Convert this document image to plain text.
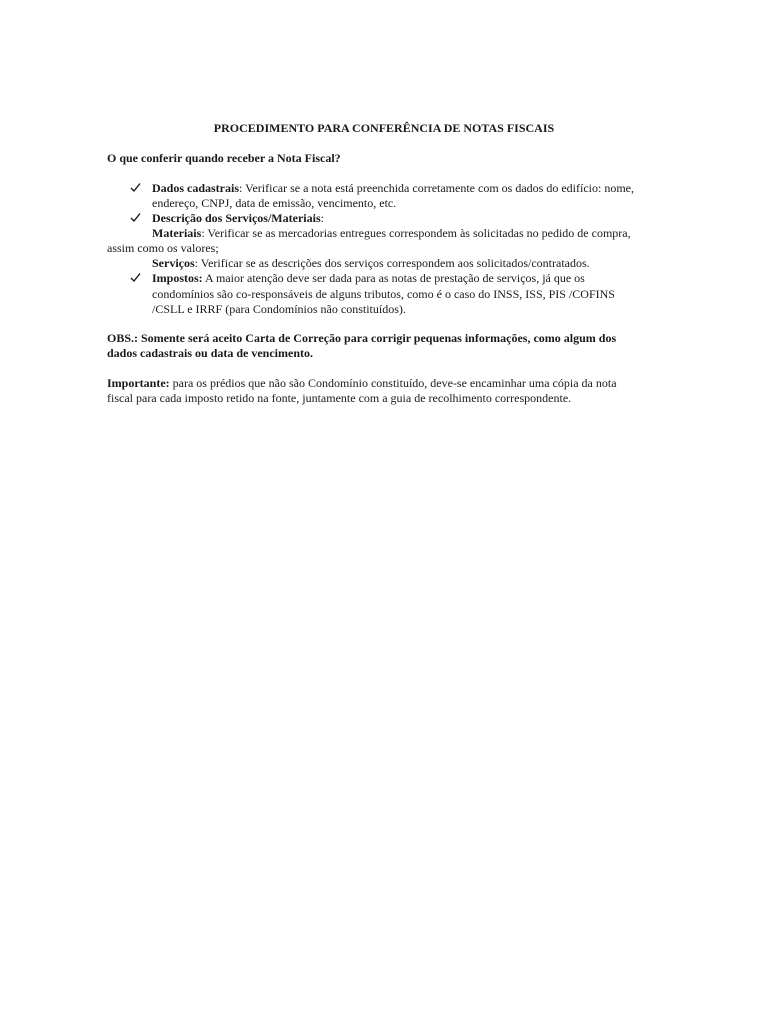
PROCEDIMENTO PARA CONFERÊNCIA DE NOTAS FISCAIS
O que conferir quando receber a Nota Fiscal?
Dados cadastrais: Verificar se a nota está preenchida corretamente com os dados do edifício: nome,
endereço, CNPJ, data de emissão, vencimento, etc.
Descrição dos Serviços/Materiais:
Materiais: Verificar se as mercadorias entregues correspondem às solicitadas no pedido de compra,
assim como os valores;
Serviços: Verificar se as descrições dos serviços correspondem aos solicitados/contratados.
Impostos: A maior atenção deve ser dada para as notas de prestação de serviços, já que os
condomínios são co-responsáveis de alguns tributos, como é o caso do INSS, ISS, PIS /COFINS
/CSLL e IRRF (para Condomínios não constituídos).
OBS.: Somente será aceito Carta de Correção para corrigir pequenas informações, como algum dos
dados cadastrais ou data de vencimento.
Importante: para os prédios que não são Condomínio constituído, deve-se encaminhar uma cópia da nota
fiscal para cada imposto retido na fonte, juntamente com a guia de recolhimento correspondente.
